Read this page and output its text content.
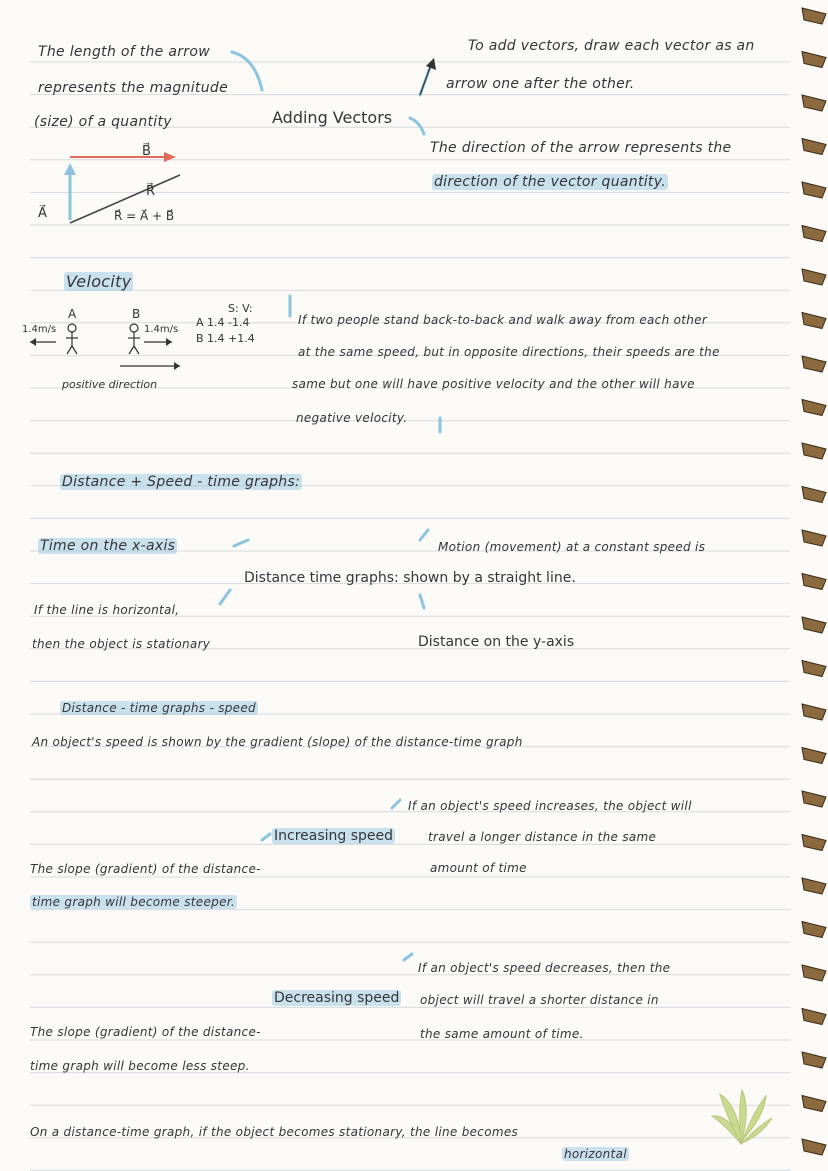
The length of the arrow
represents the magnitude
(size) of a quantity	Adding Vectors
To add vectors, draw each vector as an
arrow one after the other.
The direction of the arrow represents the
direction of the vector quantity.
B⃗
R⃗
A⃗	R⃗ = A⃗ + B⃗
Velocity
A	B
1.4m/s	1.4m/s
positive direction
S: V:
A 1.4 -1.4
B 1.4 +1.4
If two people stand back-to-back and walk away from each other
at the same speed, but in opposite directions, their speeds are the
same but one will have positive velocity and the other will have
negative velocity.
Distance + Speed - time graphs:
Time on the x-axis	Motion (movement) at a constant speed is
Distance time graphs: shown by a straight line.
If the line is horizontal,
then the object is stationary	Distance on the y-axis
Distance - time graphs - speed
An object's speed is shown by the gradient (slope) of the distance-time graph
If an object's speed increases, the object will
Increasing speed	travel a longer distance in the same
amount of time
The slope (gradient) of the distance-
time graph will become steeper.
If an object's speed decreases, then the
Decreasing speed object will travel a shorter distance in
the same amount of time.
The slope (gradient) of the distance-
time graph will become less steep.
On a distance-time graph, if the object becomes stationary, the line becomes
horizontal
